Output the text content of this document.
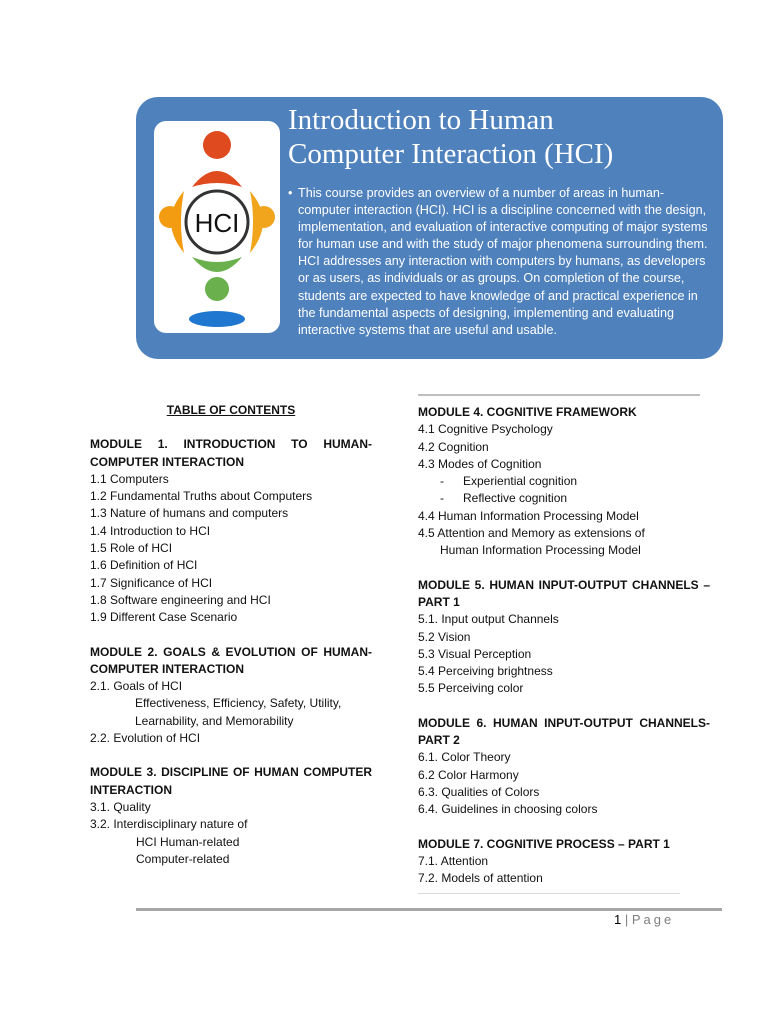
HCI
Introduction to Human
Computer Interaction (HCI)
• This course provides an overview of a number of areas in human-computer interaction (HCI). HCI is a discipline concerned with the design, implementation, and evaluation of interactive computing of major systems for human use and with the study of major phenomena surrounding them. HCI addresses any interaction with computers by humans, as developers or as users, as individuals or as groups. On completion of the course, students are expected to have knowledge of and practical experience in the fundamental aspects of designing, implementing and evaluating interactive systems that are useful and usable.
TABLE OF CONTENTS
MODULE 1. INTRODUCTION TO HUMAN-COMPUTER INTERACTION
1.1 Computers
1.2 Fundamental Truths about Computers
1.3 Nature of humans and computers
1.4 Introduction to HCI
1.5 Role of HCI
1.6 Definition of HCI
1.7 Significance of HCI
1.8 Software engineering and HCI
1.9 Different Case Scenario
MODULE 2. GOALS & EVOLUTION OF HUMAN-COMPUTER INTERACTION
2.1. Goals of HCI
Effectiveness, Efficiency, Safety, Utility, Learnability, and Memorability
2.2. Evolution of HCI
MODULE 3. DISCIPLINE OF HUMAN COMPUTER INTERACTION
3.1. Quality
3.2. Interdisciplinary nature of
HCI Human-related
Computer-related
MODULE 4. COGNITIVE FRAMEWORK
4.1 Cognitive Psychology
4.2 Cognition
4.3 Modes of Cognition
- Experiential cognition
- Reflective cognition
4.4 Human Information Processing Model
4.5 Attention and Memory as extensions of
Human Information Processing Model
MODULE 5. HUMAN INPUT-OUTPUT CHANNELS – PART 1
5.1. Input output Channels
5.2 Vision
5.3 Visual Perception
5.4 Perceiving brightness
5.5 Perceiving color
MODULE 6. HUMAN INPUT-OUTPUT CHANNELS-PART 2
6.1. Color Theory
6.2 Color Harmony
6.3. Qualities of Colors
6.4. Guidelines in choosing colors
MODULE 7. COGNITIVE PROCESS – PART 1
7.1. Attention
7.2. Models of attention
1 | Page
